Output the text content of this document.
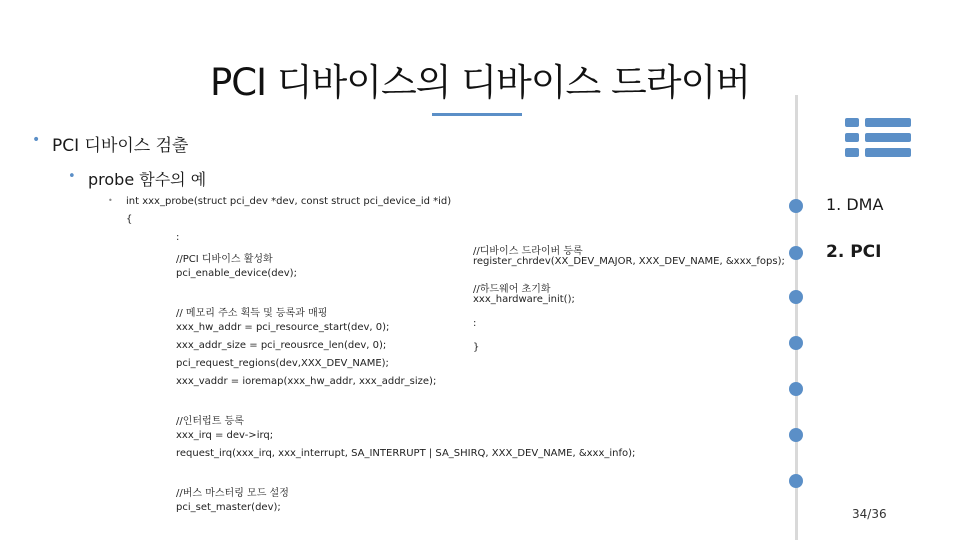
PCI 디바이스의 디바이스 드라이버
• PCI 디바이스 검출
• probe 함수의 예
• int xxx_probe(struct pci_dev *dev, const struct pci_device_id *id)
{
:
//PCI 디바이스 활성화
pci_enable_device(dev);
// 메모리 주소 획득 및 등록과 매핑
xxx_hw_addr = pci_resource_start(dev, 0);
xxx_addr_size = pci_reousrce_len(dev, 0);
pci_request_regions(dev,XXX_DEV_NAME);
xxx_vaddr = ioremap(xxx_hw_addr, xxx_addr_size);
//인터럽트 등록
xxx_irq = dev->irq;
request_irq(xxx_irq, xxx_interrupt, SA_INTERRUPT | SA_SHIRQ, XXX_DEV_NAME, &xxx_info);
//버스 마스터링 모드 설정
pci_set_master(dev);
//디바이스 드라이버 등록
register_chrdev(XX_DEV_MAJOR, XXX_DEV_NAME, &xxx_fops);
//하드웨어 초기화
xxx_hardware_init();
:
}
1. DMA
2. PCI
34/36
